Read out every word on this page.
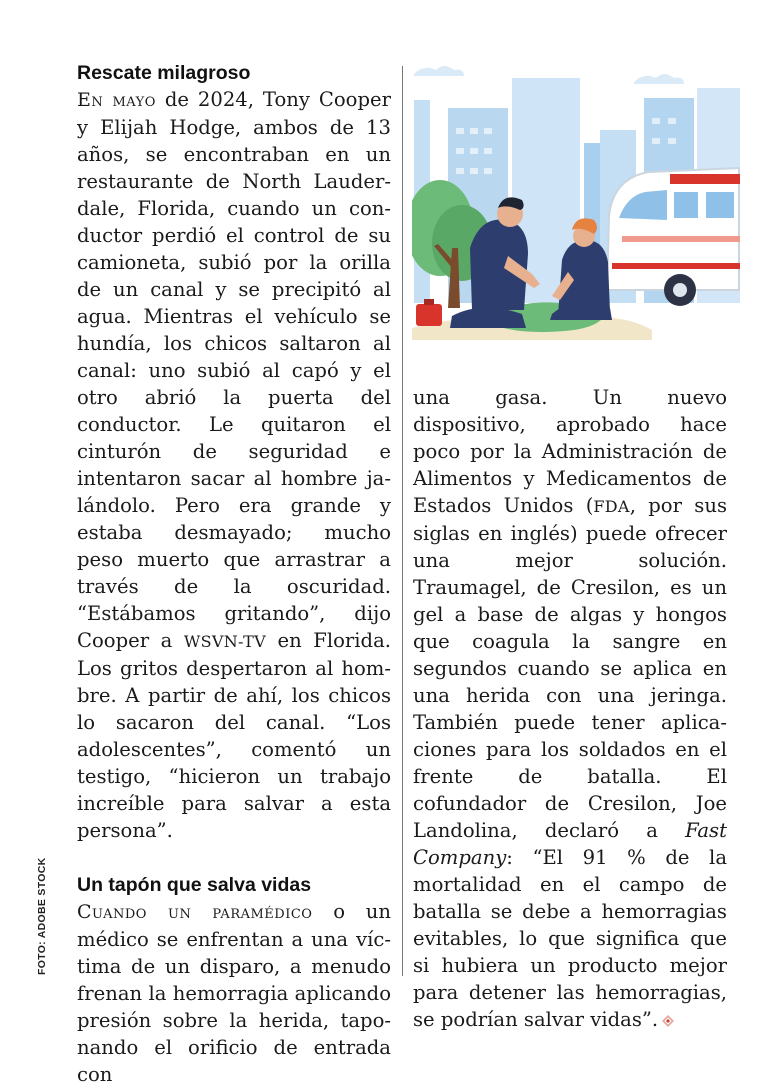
Rescate milagroso

En mayo de 2024, Tony Cooper y Elijah Hodge, ambos de 13 años, se encontraban en un restaurante de North Lauderdale, Florida, cuando un conductor perdió el control de su camioneta, subió por la orilla de un canal y se precipitó al agua. Mientras el vehículo se hundía, los chicos saltaron al canal: uno subió al capó y el otro abrió la puerta del conductor. Le quitaron el cinturón de seguridad e intentaron sacar al hombre jalándolo. Pero era grande y estaba desmayado; mucho peso muerto que arrastrar a través de la oscuridad. “Estábamos gritando”, dijo Cooper a WSVN-TV en Florida. Los gritos despertaron al hombre. A partir de ahí, los chicos lo sacaron del canal. “Los adolescentes”, comentó un testigo, “hicieron un trabajo increíble para salvar a esta persona”.

Un tapón que salva vidas

Cuando un paramédico o un médico se enfrentan a una víctima de un disparo, a menudo frenan la hemorragia aplicando presión sobre la herida, taponando el orificio de entrada con

una gasa. Un nuevo dispositivo, aprobado hace poco por la Administración de Alimentos y Medicamentos de Estados Unidos (FDA, por sus siglas en inglés) puede ofrecer una mejor solución. Traumagel, de Cresilon, es un gel a base de algas y hongos que coagula la sangre en segundos cuando se aplica en una herida con una jeringa. También puede tener aplicaciones para los soldados en el frente de batalla. El cofundador de Cresilon, Joe Landolina, declaró a Fast Company: “El 91 % de la mortalidad en el campo de batalla se debe a hemorragias evitables, lo que significa que si hubiera un producto mejor para detener las hemorragias, se podrían salvar vidas”.

FOTO: ADOBE STOCK
